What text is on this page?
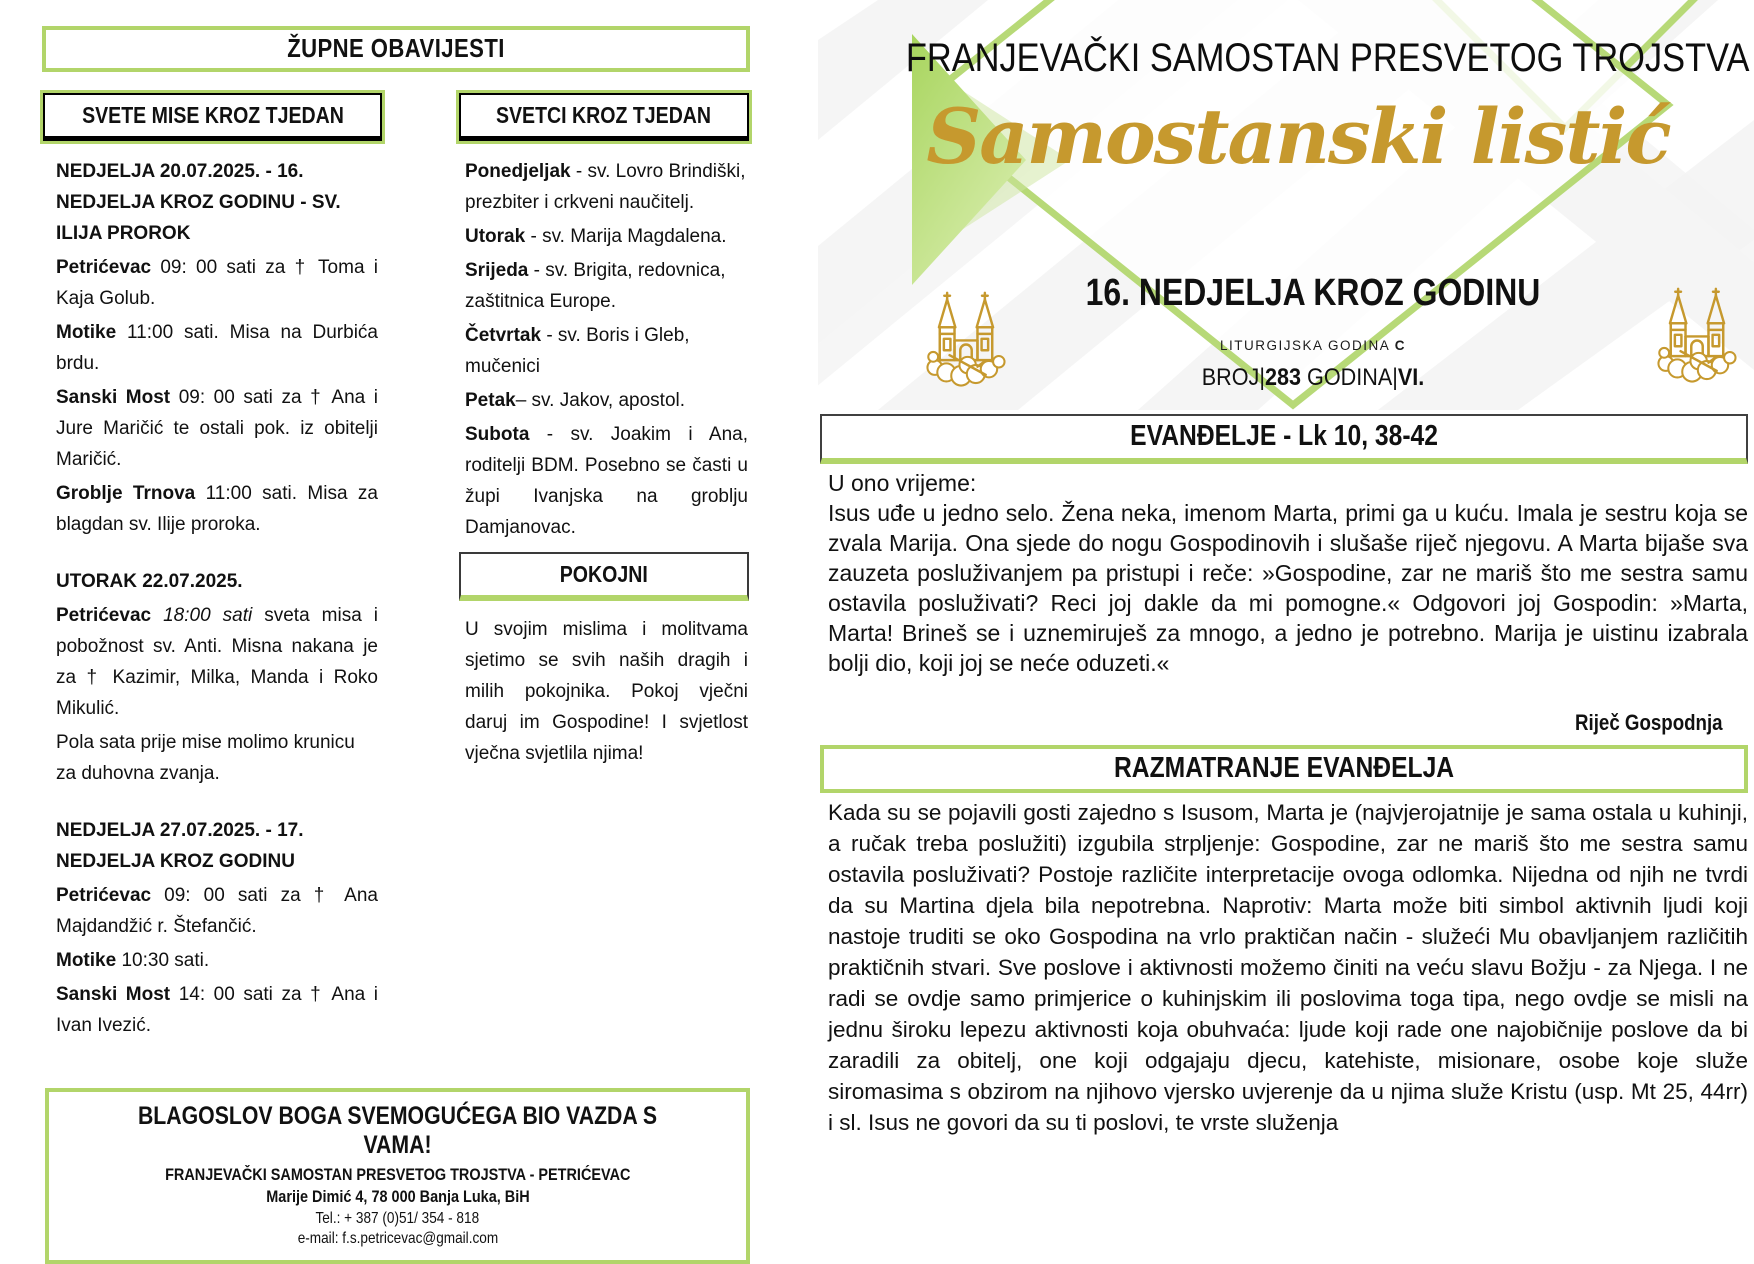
ŽUPNE OBAVIJESTI
SVETE MISE KROZ TJEDAN

NEDJELJA 20.07.2025. - 16. NEDJELJA KROZ GODINU - SV. ILIJA PROROK

Petrićevac 09: 00 sati za † Toma i Kaja Golub.

Motike 11:00 sati. Misa na Durbića brdu.

Sanski Most 09: 00 sati za † Ana i Jure Maričić te ostali pok. iz obitelji Maričić.

Groblje Trnova 11:00 sati. Misa za blagdan sv. Ilije proroka.

UTORAK 22.07.2025.

Petrićevac 18:00 sati sveta misa i pobožnost sv. Anti. Misna nakana je za † Kazimir, Milka, Manda i Roko Mikulić.

Pola sata prije mise molimo krunicu za duhovna zvanja.

NEDJELJA 27.07.2025. - 17. NEDJELJA KROZ GODINU

Petrićevac 09: 00 sati za † Ana Majdandžić r. Štefančić.

Motike 10:30 sati.

Sanski Most 14: 00 sati za † Ana i Ivan Ivezić.

SVETCI KROZ TJEDAN

Ponedjeljak - sv. Lovro Brindiški, prezbiter i crkveni naučitelj.

Utorak - sv. Marija Magdalena.

Srijeda - sv. Brigita, redovnica, zaštitnica Europe.

Četvrtak - sv. Boris i Gleb, mučenici

Petak– sv. Jakov, apostol.

Subota - sv. Joakim i Ana, roditelji BDM. Posebno se časti u župi Ivanjska na groblju Damjanovac.

POKOJNI

U svojim mislima i molitvama sjetimo se svih naših dragih i milih pokojnika. Pokoj vječni daruj im Gospodine! I svjetlost vječna svjetlila njima!

BLAGOSLOV BOGA SVEMOGUĆEGA BIO VAZDA S VAMA!
FRANJEVAČKI SAMOSTAN PRESVETOG TROJSTVA - PETRIĆEVAC
Marije Dimić 4, 78 000 Banja Luka, BiH
Tel.: + 387 (0)51/ 354 - 818
e-mail: f.s.petricevac@gmail.com
FRANJEVAČKI SAMOSTAN PRESVETOG TROJSTVA
Samostanski listić
16. NEDJELJA KROZ GODINU
LITURGIJSKA GODINA C
BROJ|283 GODINA|VI.
EVANĐELJE - Lk 10, 38-42

U ono vrijeme:

Isus uđe u jedno selo. Žena neka, imenom Marta, primi ga u kuću. Imala je sestru koja se zvala Marija. Ona sjede do nogu Gospodinovih i slušaše riječ njegovu. A Marta bijaše sva zauzeta posluživanjem pa pristupi i reče: »Gospodine, zar ne mariš što me sestra samu ostavila posluživati? Reci joj dakle da mi pomogne.« Odgovori joj Gospodin: »Marta, Marta! Brineš se i uznemiruješ za mnogo, a jedno je potrebno. Marija je uistinu izabrala bolji dio, koji joj se neće oduzeti.«

Riječ Gospodnja
RAZMATRANJE EVANĐELJA

Kada su se pojavili gosti zajedno s Isusom, Marta je (najvjerojatnije je sama ostala u kuhinji, a ručak treba poslužiti) izgubila strpljenje: Gospodine, zar ne mariš što me sestra samu ostavila posluživati? Postoje različite interpretacije ovoga odlomka. Nijedna od njih ne tvrdi da su Martina djela bila nepotrebna. Naprotiv: Marta može biti simbol aktivnih ljudi koji nastoje truditi se oko Gospodina na vrlo praktičan način - služeći Mu obavljanjem različitih praktičnih stvari. Sve poslove i aktivnosti možemo činiti na veću slavu Božju - za Njega. I ne radi se ovdje samo primjerice o kuhinjskim ili poslovima toga tipa, nego ovdje se misli na jednu široku lepezu aktivnosti koja obuhvaća: ljude koji rade one najobičnije poslove da bi zaradili za obitelj, one koji odgajaju djecu, katehiste, misionare, osobe koje služe siromasima s obzirom na njihovo vjersko uvjerenje da u njima služe Kristu (usp. Mt 25, 44rr) i sl. Isus ne govori da su ti poslovi, te vrste služenja
